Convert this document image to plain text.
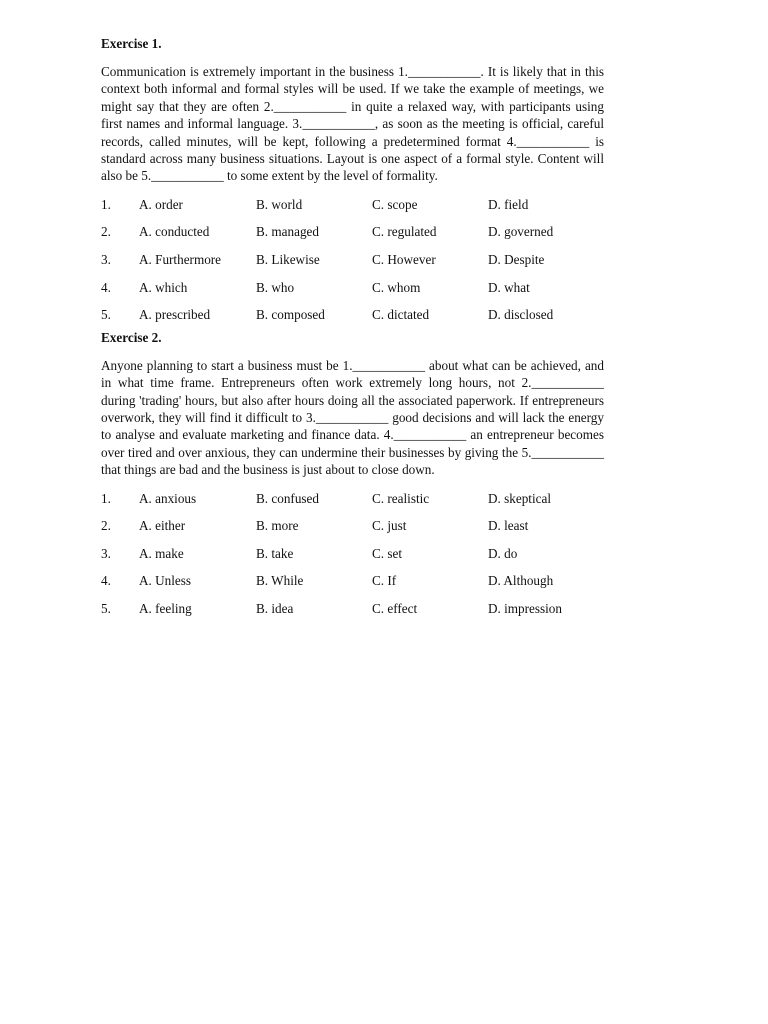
Exercise 1.

Communication is extremely important in the business 1.___________. It is likely that in this context both informal and formal styles will be used. If we take the example of meetings, we might say that they are often 2.___________ in quite a relaxed way, with participants using first names and informal language. 3.___________, as soon as the meeting is official, careful records, called minutes, will be kept, following a predetermined format 4.___________ is standard across many business situations. Layout is one aspect of a formal style. Content will also be 5.___________ to some extent by the level of formality.

1. A. order	B. world	C. scope	D. field
2. A. conducted	B. managed	C. regulated	D. governed
3. A. Furthermore	B. Likewise	C. However	D. Despite
4. A. which	B. who	C. whom	D. what
5. A. prescribed	B. composed	C. dictated	D. disclosed

Exercise 2.

Anyone planning to start a business must be 1.___________ about what can be achieved, and in what time frame. Entrepreneurs often work extremely long hours, not 2.___________ during 'trading' hours, but also after hours doing all the associated paperwork. If entrepreneurs overwork, they will find it difficult to 3.___________ good decisions and will lack the energy to analyse and evaluate marketing and finance data. 4.___________ an entrepreneur becomes over tired and over anxious, they can undermine their businesses by giving the 5.___________ that things are bad and the business is just about to close down.

1. A. anxious	B. confused	C. realistic	D. skeptical
2. A. either	B. more	C. just	D. least
3. A. make	B. take	C. set	D. do
4. A. Unless	B. While	C. If	D. Although
5. A. feeling	B. idea	C. effect	D. impression
